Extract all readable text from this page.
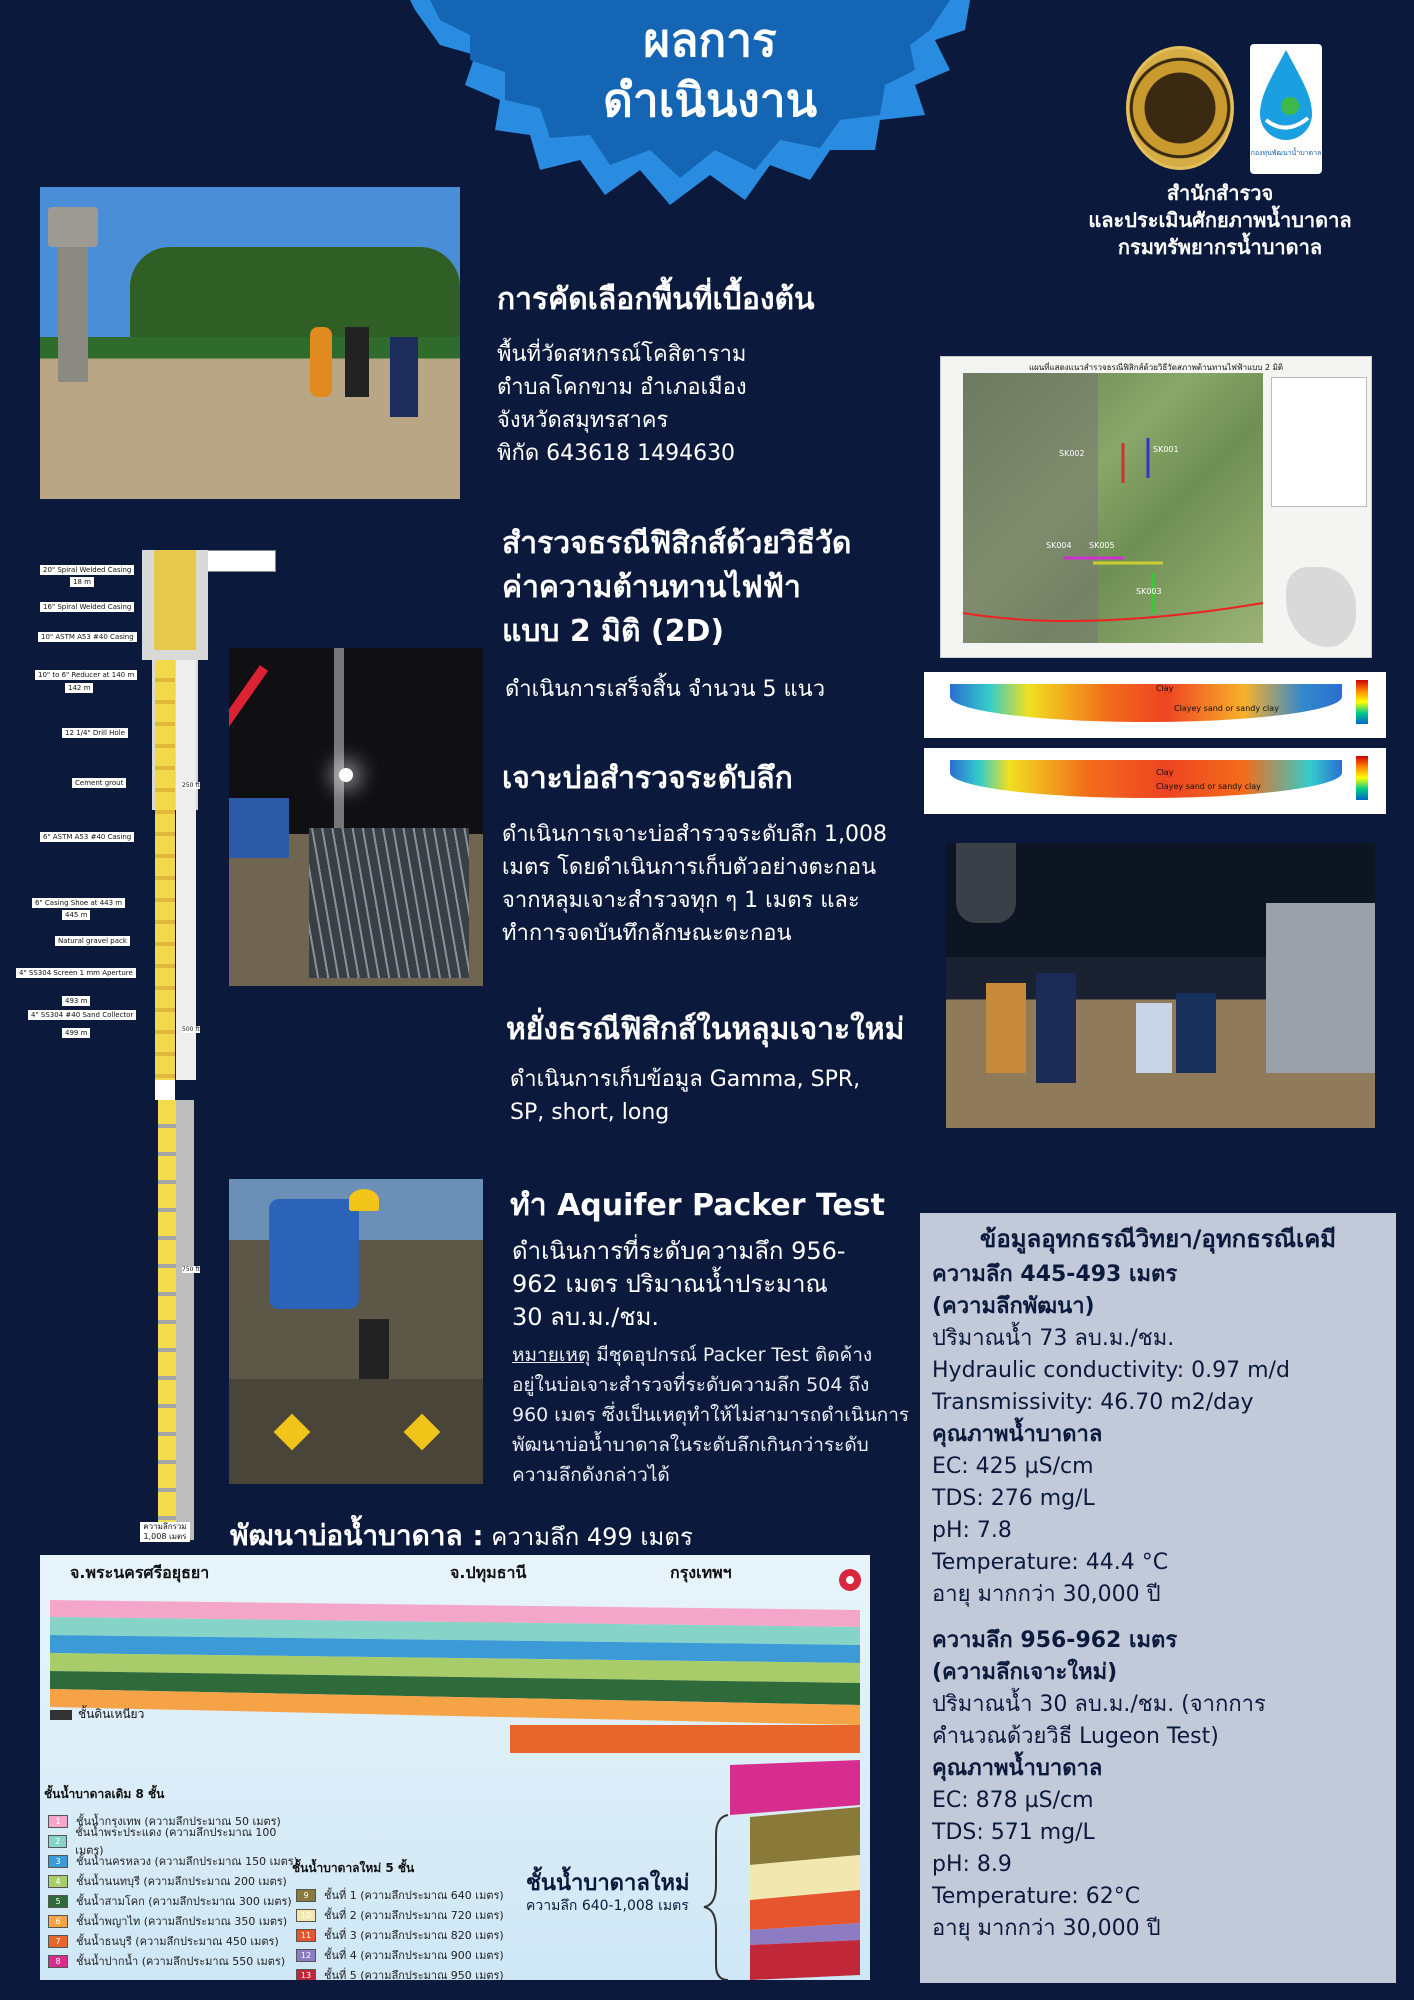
ผลการ
ดำเนินงาน
กองทุนพัฒนาน้ำบาดาล
สำนักสำรวจ
และประเมินศักยภาพน้ำบาดาล
กรมทรัพยากรน้ำบาดาล
การคัดเลือกพื้นที่เบื้องต้น
พื้นที่วัดสหกรณ์โคสิตาราม
ตำบลโคกขาม อำเภอเมือง
จังหวัดสมุทรสาคร
พิกัด 643618 1494630
แผนที่แสดงแนวสำรวจธรณีฟิสิกส์ด้วยวิธีวัดสภาพต้านทานไฟฟ้าแบบ 2 มิติ
SK002	SK001
SK004 SK005
SK003
Clay
Clayey sand or sandy clay
Clay
Clayey sand or sandy clay
สำรวจธรณีฟิสิกส์ด้วยวิธีวัด
ค่าความต้านทานไฟฟ้า
แบบ 2 มิติ (2D)
ดำเนินการเสร็จสิ้น จำนวน 5 แนว
20" Spiral Welded Casing
18 m
16" Spiral Welded Casing
10" ASTM A53 #40 Casing
10" to 6" Reducer at 140 m
142 m
12 1/4" Drill Hole
Cement grout
6" ASTM A53 #40 Casing
6" Casing Shoe at 443 m
445 m
Natural gravel pack
4" SS304 Screen 1 mm Aperture
493 m
4" SS304 #40 Sand Collector
499 m
250 ft
500 ft
750 ft
ความลึกรวม 1,008 เมตร
เจาะบ่อสำรวจระดับลึก
ดำเนินการเจาะบ่อสำรวจระดับลึก 1,008
เมตร โดยดำเนินการเก็บตัวอย่างตะกอน
จากหลุมเจาะสำรวจทุก ๆ 1 เมตร และ
ทำการจดบันทึกลักษณะตะกอน
หยั่งธรณีฟิสิกส์ในหลุมเจาะใหม่
ดำเนินการเก็บข้อมูล Gamma, SPR,
SP, short, long
ทำ Aquifer Packer Test
ดำเนินการที่ระดับความลึก 956-
962 เมตร ปริมาณน้ำประมาณ
30 ลบ.ม./ชม.
หมายเหตุ มีชุดอุปกรณ์ Packer Test ติดค้าง
อยู่ในบ่อเจาะสำรวจที่ระดับความลึก 504 ถึง
960 เมตร ซึ่งเป็นเหตุทำให้ไม่สามารถดำเนินการ
พัฒนาบ่อน้ำบาดาลในระดับลึกเกินกว่าระดับ
ความลึกดังกล่าวได้
พัฒนาบ่อน้ำบาดาล : ความลึก 499 เมตร
จ.พระนครศรีอยุธยา	จ.ปทุมธานี	กรุงเทพฯ
ชั้นดินเหนียว
ชั้นน้ำบาดาลเดิม 8 ชั้น
1	ชั้นน้ำกรุงเทพ (ความลึกประมาณ 50 เมตร)
2
ชั้นน้ำพระประแดง (ความลึกประมาณ 100 เมตร)
3	ชั้นน้ำนครหลวง (ความลึกประมาณ 150 เมตร)
4	ชั้นน้ำนนทบุรี (ความลึกประมาณ 200 เมตร)
5	ชั้นน้ำสามโคก (ความลึกประมาณ 300 เมตร)
6	ชั้นน้ำพญาไท (ความลึกประมาณ 350 เมตร)
7	ชั้นน้ำธนบุรี (ความลึกประมาณ 450 เมตร)
8	ชั้นน้ำปากน้ำ (ความลึกประมาณ 550 เมตร)
ชั้นน้ำบาดาลใหม่ 5 ชั้น
9	ชั้นที่ 1 (ความลึกประมาณ 640 เมตร)
10	ชั้นที่ 2 (ความลึกประมาณ 720 เมตร)
11	ชั้นที่ 3 (ความลึกประมาณ 820 เมตร)
12	ชั้นที่ 4 (ความลึกประมาณ 900 เมตร)
13	ชั้นที่ 5 (ความลึกประมาณ 950 เมตร)
ชั้นน้ำบาดาลใหม่
ความลึก 640-1,008 เมตร
ข้อมูลอุทกธรณีวิทยา/อุทกธรณีเคมี
ความลึก 445-493 เมตร
(ความลึกพัฒนา)
ปริมาณน้ำ 73 ลบ.ม./ชม.
Hydraulic conductivity: 0.97 m/d
Transmissivity: 46.70 m2/day
คุณภาพน้ำบาดาล
EC: 425 µS/cm
TDS: 276 mg/L
pH: 7.8
Temperature: 44.4 °C
อายุ มากกว่า 30,000 ปี
ความลึก 956-962 เมตร
(ความลึกเจาะใหม่)
ปริมาณน้ำ 30 ลบ.ม./ชม. (จากการ
คำนวณด้วยวิธี Lugeon Test)
คุณภาพน้ำบาดาล
EC: 878 µS/cm
TDS: 571 mg/L
pH: 8.9
Temperature: 62°C
อายุ มากกว่า 30,000 ปี
